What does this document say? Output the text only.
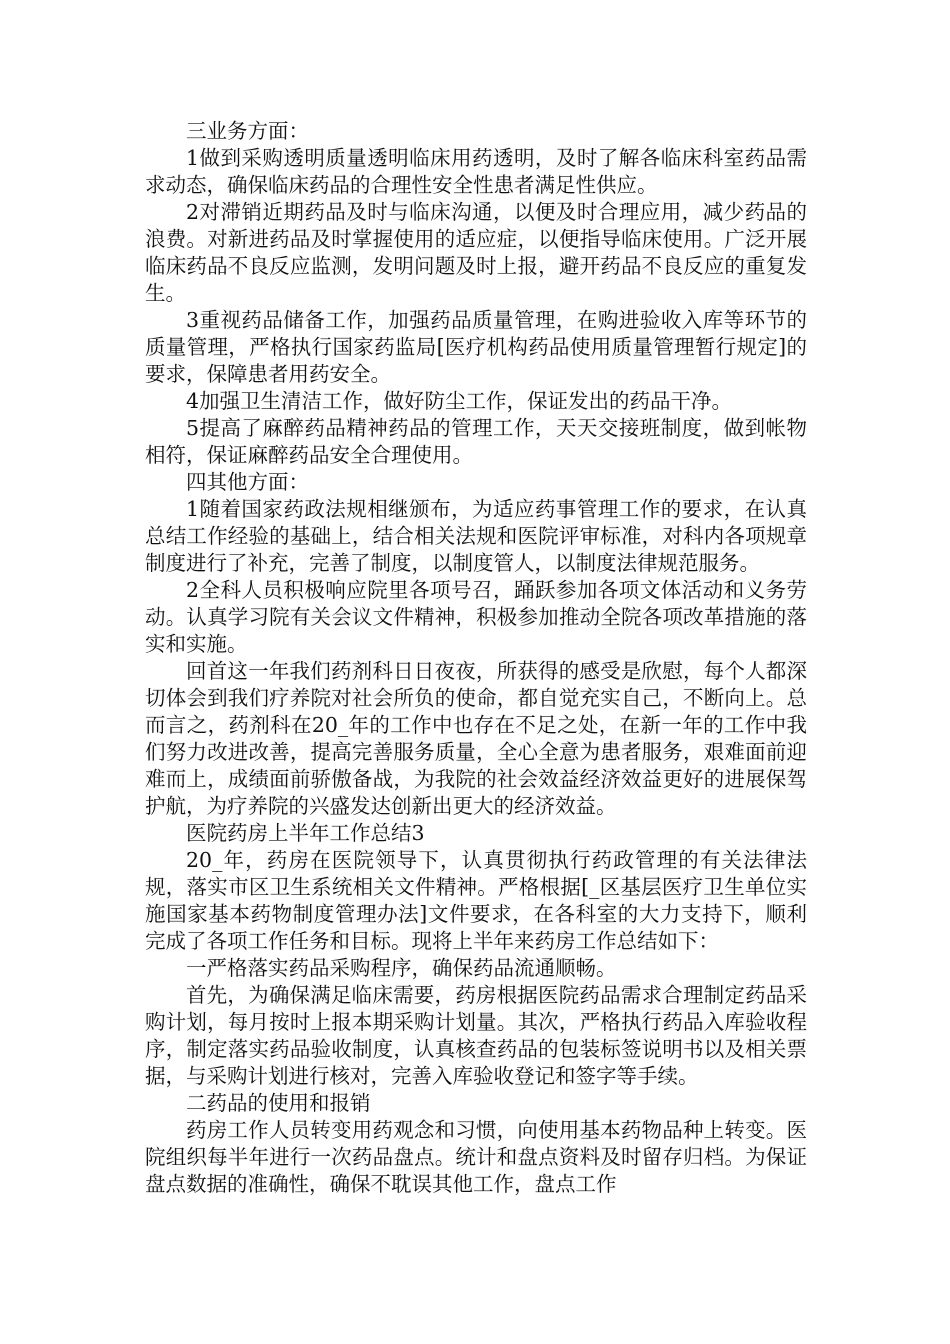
三业务方面：

1做到采购透明质量透明临床用药透明，及时了解各临床科室药品需求动态，确保临床药品的合理性安全性患者满足性供应。

2对滞销近期药品及时与临床沟通，以便及时合理应用，减少药品的浪费。对新进药品及时掌握使用的适应症，以便指导临床使用。广泛开展临床药品不良反应监测，发明问题及时上报，避开药品不良反应的重复发生。

3重视药品储备工作，加强药品质量管理，在购进验收入库等环节的质量管理，严格执行国家药监局[医疗机构药品使用质量管理暂行规定]的要求，保障患者用药安全。

4加强卫生清洁工作，做好防尘工作，保证发出的药品干净。

5提高了麻醉药品精神药品的管理工作，天天交接班制度，做到帐物相符，保证麻醉药品安全合理使用。

四其他方面：

1随着国家药政法规相继颁布，为适应药事管理工作的要求，在认真总结工作经验的基础上，结合相关法规和医院评审标准，对科内各项规章制度进行了补充，完善了制度，以制度管人，以制度法律规范服务。

2全科人员积极响应院里各项号召，踊跃参加各项文体活动和义务劳动。认真学习院有关会议文件精神，积极参加推动全院各项改革措施的落实和实施。

回首这一年我们药剂科日日夜夜，所获得的感受是欣慰，每个人都深切体会到我们疗养院对社会所负的使命，都自觉充实自己，不断向上。总而言之，药剂科在20_年的工作中也存在不足之处，在新一年的工作中我们努力改进改善，提高完善服务质量，全心全意为患者服务，艰难面前迎难而上，成绩面前骄傲备战，为我院的社会效益经济效益更好的进展保驾护航，为疗养院的兴盛发达创新出更大的经济效益。

医院药房上半年工作总结3

20_年，药房在医院领导下，认真贯彻执行药政管理的有关法律法规，落实市区卫生系统相关文件精神。严格根据[_区基层医疗卫生单位实施国家基本药物制度管理办法]文件要求，在各科室的大力支持下，顺利完成了各项工作任务和目标。现将上半年来药房工作总结如下：

一严格落实药品采购程序，确保药品流通顺畅。

首先，为确保满足临床需要，药房根据医院药品需求合理制定药品采购计划，每月按时上报本期采购计划量。其次，严格执行药品入库验收程序，制定落实药品验收制度，认真核查药品的包装标签说明书以及相关票据，与采购计划进行核对，完善入库验收登记和签字等手续。

二药品的使用和报销

药房工作人员转变用药观念和习惯，向使用基本药物品种上转变。医院组织每半年进行一次药品盘点。统计和盘点资料及时留存归档。为保证盘点数据的准确性，确保不耽误其他工作，盘点工作
